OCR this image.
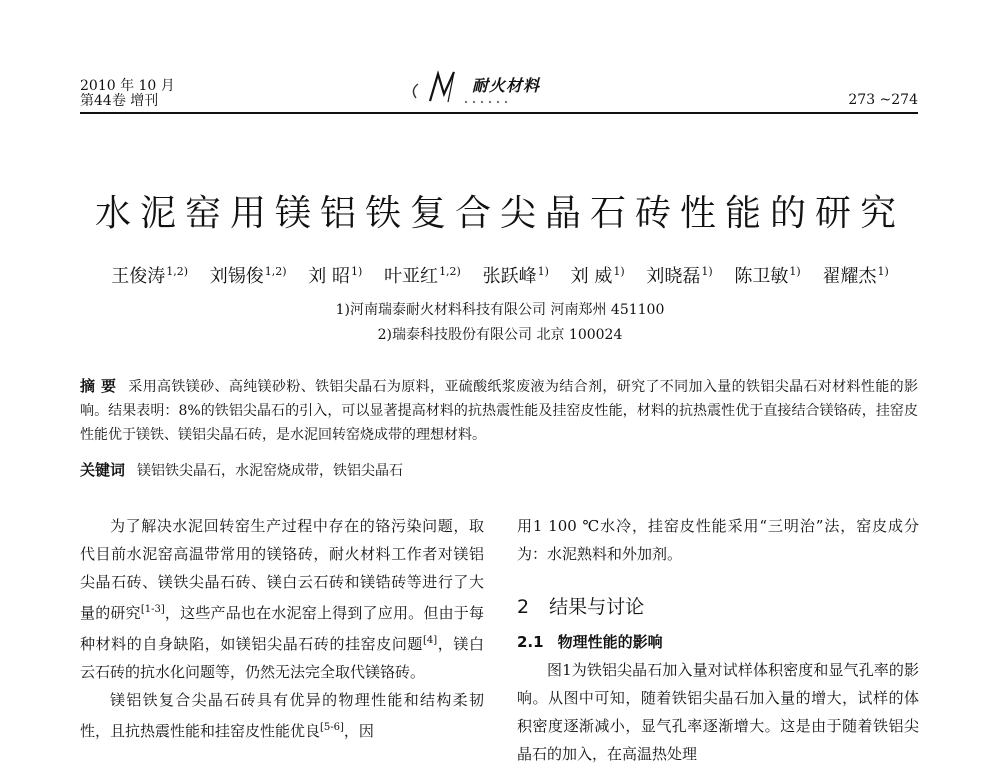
2010 年 10 月
第44卷 增刊
耐火材料
273 ~274
水泥窑用镁铝铁复合尖晶石砖性能的研究
王俊涛$^{1,2)}$ 刘锡俊$^{1,2)}$ 刘 昭$^{1)}$ 叶亚红$^{1,2)}$ 张跃峰$^{1)}$ 刘 威$^{1)}$ 刘晓磊$^{1)}$ 陈卫敏$^{1)}$ 翟耀杰$^{1)}$
1)河南瑞泰耐火材料科技有限公司 河南郑州 451100
2)瑞泰科技股份有限公司 北京 100024
摘 要 采用高铁镁砂、高纯镁砂粉、铁铝尖晶石为原料，亚硫酸纸浆废液为结合剂，研究了不同加入量的铁铝尖晶石对材料性能的影响。结果表明：8%的铁铝尖晶石的引入，可以显著提高材料的抗热震性能及挂窑皮性能，材料的抗热震性优于直接结合镁铬砖，挂窑皮性能优于镁铁、镁铝尖晶石砖，是水泥回转窑烧成带的理想材料。
关键词 镁铝铁尖晶石，水泥窑烧成带，铁铝尖晶石

为了解决水泥回转窑生产过程中存在的铬污染问题，取代目前水泥窑高温带常用的镁铬砖，耐火材料工作者对镁铝尖晶石砖、镁铁尖晶石砖、镁白云石砖和镁锆砖等进行了大量的研究[1-3]，这些产品也在水泥窑上得到了应用。但由于每种材料的自身缺陷，如镁铝尖晶石砖的挂窑皮问题[4]，镁白云石砖的抗水化问题等，仍然无法完全取代镁铬砖。

镁铝铁复合尖晶石砖具有优异的物理性能和结构柔韧性，且抗热震性能和挂窑皮性能优良[5-6]，因

用1 100 ℃水冷，挂窑皮性能采用“三明治”法，窑皮成分为：水泥熟料和外加剂。

2 结果与讨论

2.1 物理性能的影响

图1为铁铝尖晶石加入量对试样体积密度和显气孔率的影响。从图中可知，随着铁铝尖晶石加入量的增大，试样的体积密度逐渐减小，显气孔率逐渐增大。这是由于随着铁铝尖晶石的加入，在高温热处理
